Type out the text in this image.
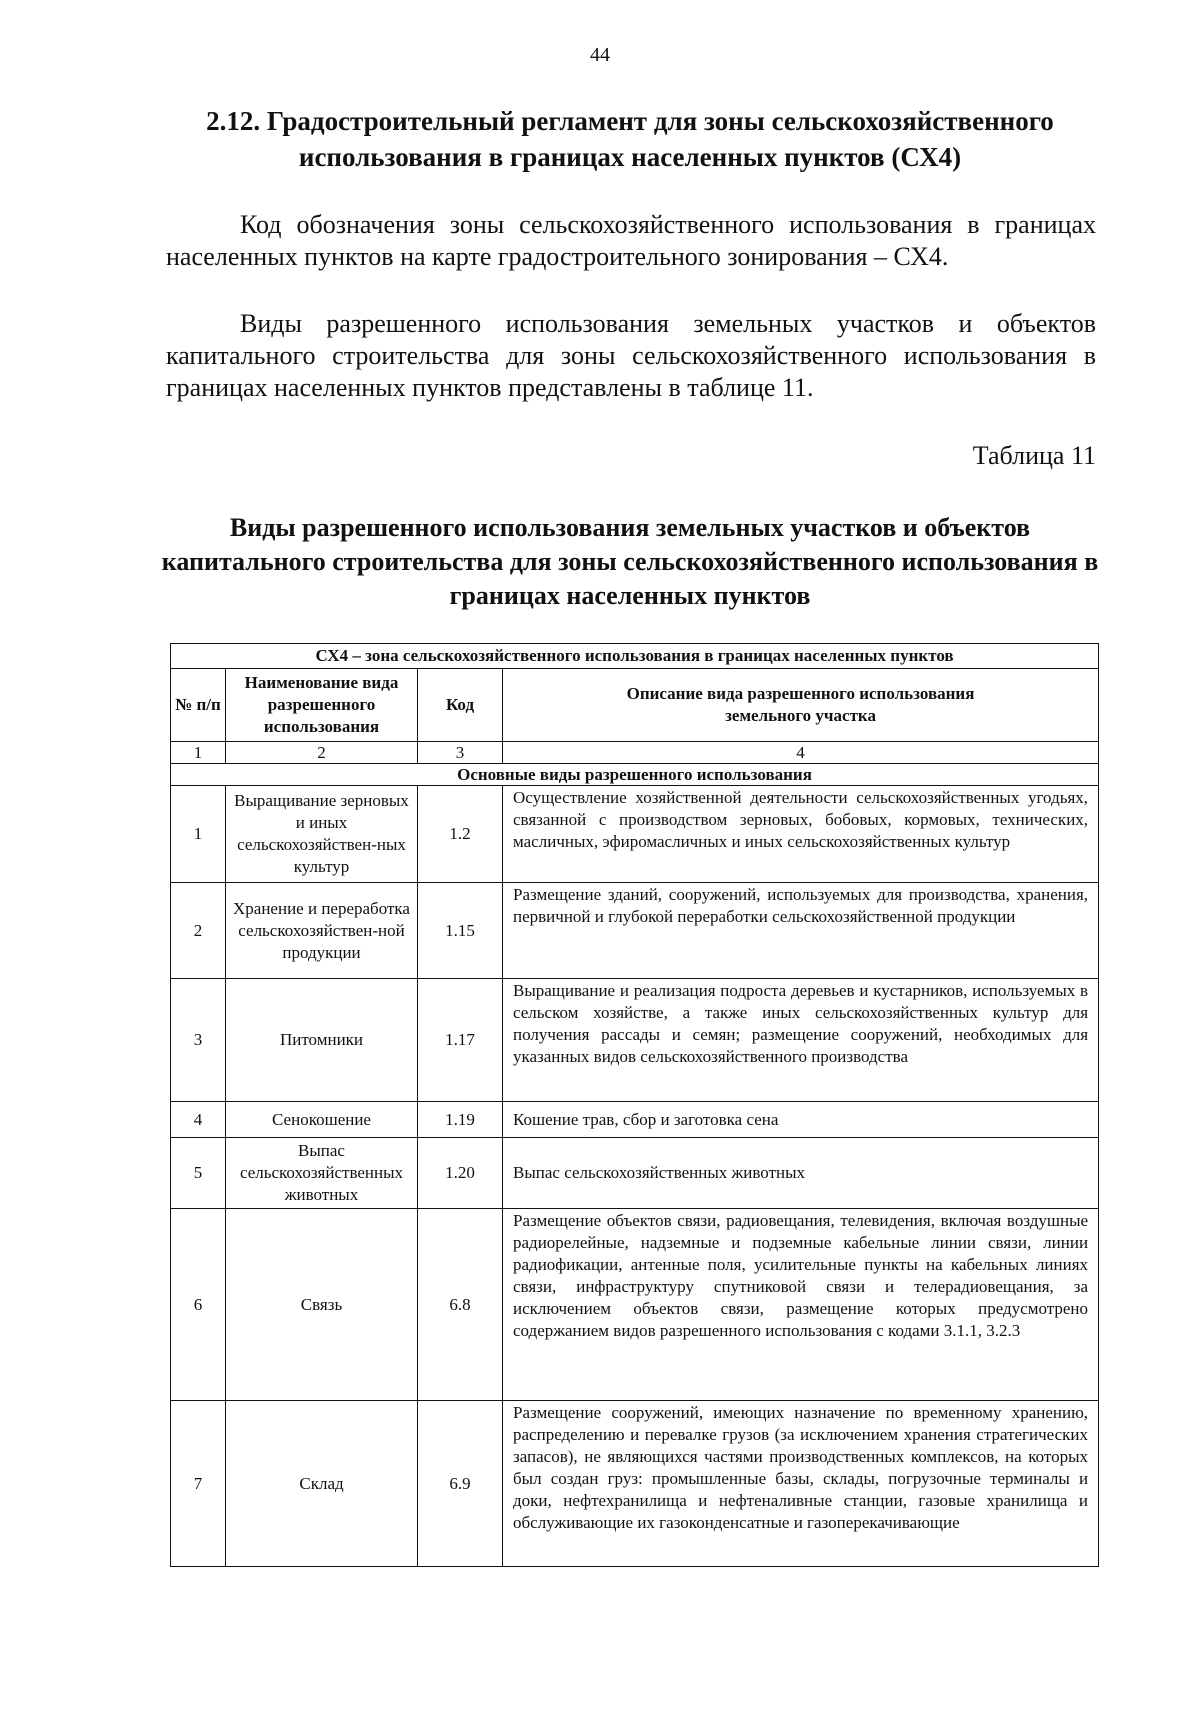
44
2.12. Градостроительный регламент для зоны сельскохозяйственного использования в границах населенных пунктов (СХ4)

Код обозначения зоны сельскохозяйственного использования в границах населенных пунктов на карте градостроительного зонирования – СХ4.

Виды разрешенного использования земельных участков и объектов капитального строительства для зоны сельскохозяйственного использования в границах населенных пунктов представлены в таблице 11.

Таблица 11
Виды разрешенного использования земельных участков и объектов капитального строительства для зоны сельскохозяйственного использования в границах населенных пунктов
СХ4 – зона сельскохозяйственного использования в границах населенных пунктов			
№ п/п	Наименование вида разрешенного использования	Код	Описание вида разрешенного использования земельного участка
1	2	3	4
Основные виды разрешенного использования			
1	Выращивание зерновых и иных сельскохозяйствен-ных культур	1.2	Осуществление хозяйственной деятельности сельскохозяйственных угодьях, связанной с производством зерновых, бобовых, кормовых, технических, масличных, эфиромасличных и иных сельскохозяйственных культур
2	Хранение и переработка сельскохозяйствен-ной продукции	1.15	Размещение зданий, сооружений, используемых для производства, хранения, первичной и глубокой переработки сельскохозяйственной продукции
3	Питомники	1.17	Выращивание и реализация подроста деревьев и кустарников, используемых в сельском хозяйстве, а также иных сельскохозяйственных культур для получения рассады и семян; размещение сооружений, необходимых для указанных видов сельскохозяйственного производства
4	Сенокошение	1.19	Кошение трав, сбор и заготовка сена
5	Выпас сельскохозяйственных животных	1.20	Выпас сельскохозяйственных животных
6	Связь	6.8	Размещение объектов связи, радиовещания, телевидения, включая воздушные радиорелейные, надземные и подземные кабельные линии связи, линии радиофикации, антенные поля, усилительные пункты на кабельных линиях связи, инфраструктуру спутниковой связи и телерадиовещания, за исключением объектов связи, размещение которых предусмотрено содержанием видов разрешенного использования с кодами 3.1.1, 3.2.3
7	Склад	6.9	Размещение сооружений, имеющих назначение по временному хранению, распределению и перевалке грузов (за исключением хранения стратегических запасов), не являющихся частями производственных комплексов, на которых был создан груз: промышленные базы, склады, погрузочные терминалы и доки, нефтехранилища и нефтеналивные станции, газовые хранилища и обслуживающие их газоконденсатные и газоперекачивающие
